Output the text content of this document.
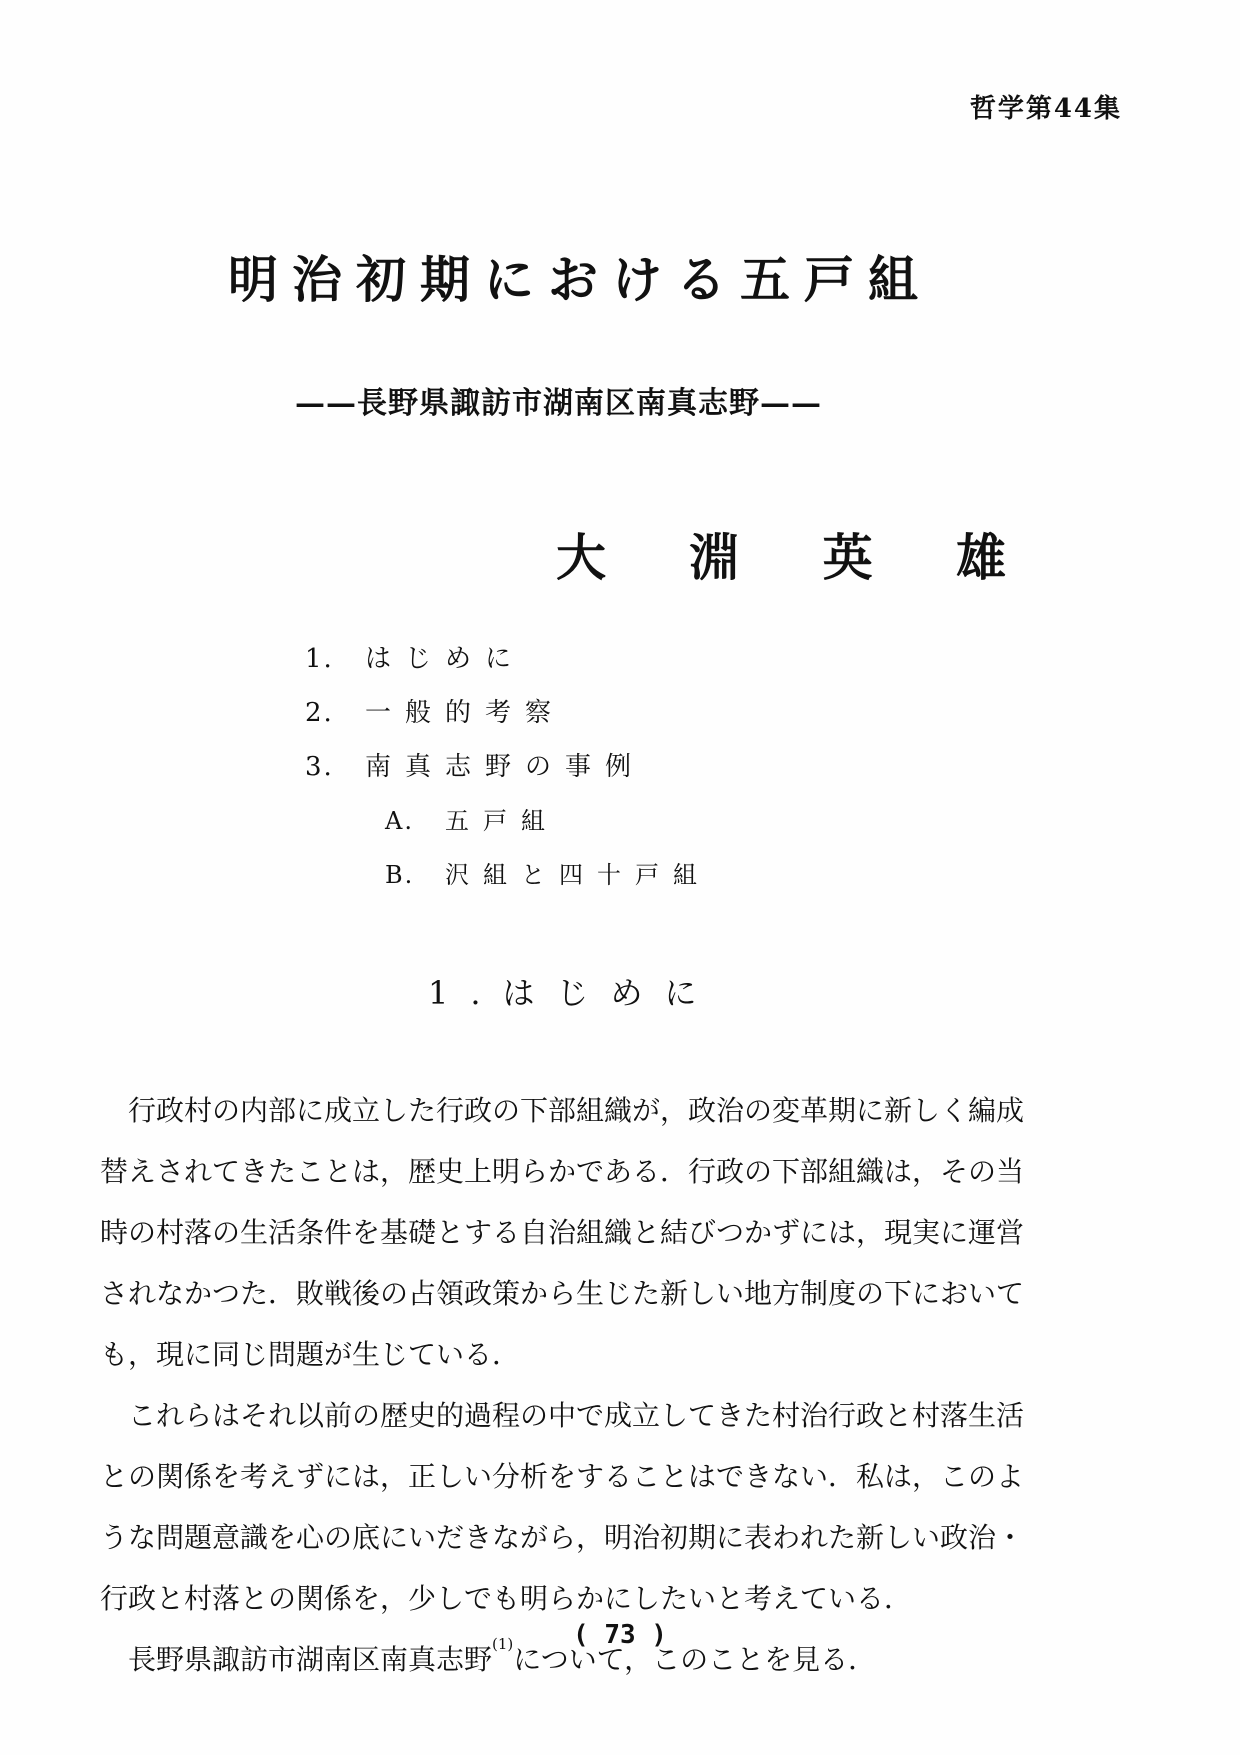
哲学第44集
明治初期における五戸組
——長野県諏訪市湖南区南真志野——
大 淵 英 雄
1. はじめに
2. 一般的考察
3. 南真志野の事例
A. 五戸組
B. 沢組と四十戸組
1.はじめに

行政村の内部に成立した行政の下部組織が，政治の変革期に新しく編成
替えされてきたことは，歴史上明らかである．行政の下部組織は，その当
時の村落の生活条件を基礎とする自治組織と結びつかずには，現実に運営
されなかつた．敗戦後の占領政策から生じた新しい地方制度の下において
も，現に同じ問題が生じている．

これらはそれ以前の歴史的過程の中で成立してきた村治行政と村落生活
との関係を考えずには，正しい分析をすることはできない．私は，このよ
うな問題意識を心の底にいだきながら，明治初期に表われた新しい政治・
行政と村落との関係を，少しでも明らかにしたいと考えている．

長野県諏訪市湖南区南真志野$^{(1)}$について，このことを見る．

( 73 )
